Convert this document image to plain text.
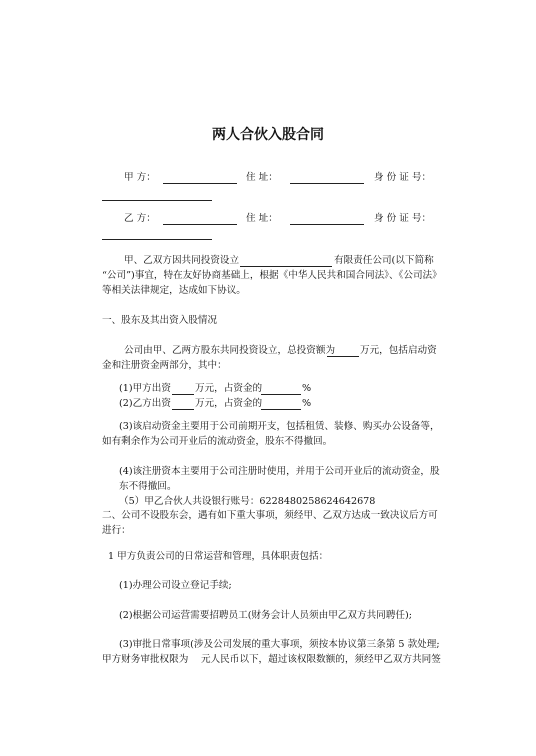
两人合伙入股合同
甲 方：	住 址：	身 份 证 号：
乙 方：	住 址：	身 份 证 号：
甲、乙双方因共同投资设立	有限责任公司(以下简称
“公司”)事宜，特在友好协商基础上，根据《中华人民共和国合同法》、《公司法》
等相关法律规定，达成如下协议。
一、股东及其出资入股情况
公司由甲、乙两方股东共同投资设立，总投资额为	万元，包括启动资
金和注册资金两部分，其中：
(1)甲方出资	万元，占资金的	%
(2)乙方出资	万元，占资金的	%
(3)该启动资金主要用于公司前期开支，包括租赁、装修、购买办公设备等，
如有剩余作为公司开业后的流动资金，股东不得撤回。
(4)该注册资本主要用于公司注册时使用，并用于公司开业后的流动资金，股
东不得撤回。
（5）甲乙合伙人共设银行账号：6228480258624642678
二、公司不设股东会，遇有如下重大事项，须经甲、乙双方达成一致决议后方可
进行：
1 甲方负责公司的日常运营和管理，具体职责包括：
(1)办理公司设立登记手续;
(2)根据公司运营需要招聘员工(财务会计人员须由甲乙双方共同聘任);
(3)审批日常事项(涉及公司发展的重大事项，须按本协议第三条第 5 款处理;
甲方财务审批权限为　 元人民币以下，超过该权限数额的，须经甲乙双方共同签
